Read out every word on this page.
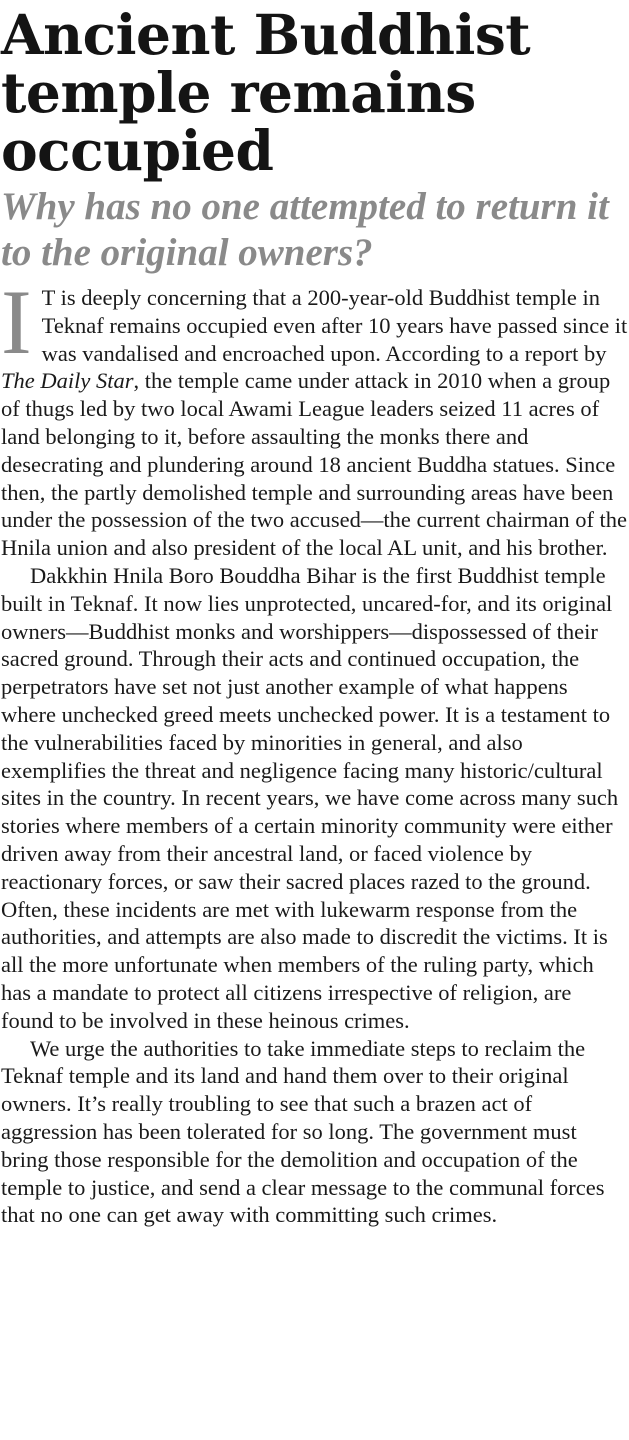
Ancient Buddhist temple remains occupied
Why has no one attempted to return it to the original owners?

I T is deeply concerning that a 200-year-old Buddhist temple in Teknaf remains occupied even after 10 years have passed since it was vandalised and encroached upon. According to a report by The Daily Star, the temple came under attack in 2010 when a group of thugs led by two local Awami League leaders seized 11 acres of land belonging to it, before assaulting the monks there and desecrating and plundering around 18 ancient Buddha statues. Since then, the partly demolished temple and surrounding areas have been under the possession of the two accused—the current chairman of the Hnila union and also president of the local AL unit, and his brother.

Dakkhin Hnila Boro Bouddha Bihar is the first Buddhist temple built in Teknaf. It now lies unprotected, uncared-for, and its original owners—Buddhist monks and worshippers—dispossessed of their sacred ground. Through their acts and continued occupation, the perpetrators have set not just another example of what happens where unchecked greed meets unchecked power. It is a testament to the vulnerabilities faced by minorities in general, and also exemplifies the threat and negligence facing many historic/cultural sites in the country. In recent years, we have come across many such stories where members of a certain minority community were either driven away from their ancestral land, or faced violence by reactionary forces, or saw their sacred places razed to the ground. Often, these incidents are met with lukewarm response from the authorities, and attempts are also made to discredit the victims. It is all the more unfortunate when members of the ruling party, which has a mandate to protect all citizens irrespective of religion, are found to be involved in these heinous crimes.

We urge the authorities to take immediate steps to reclaim the Teknaf temple and its land and hand them over to their original owners. It’s really troubling to see that such a brazen act of aggression has been tolerated for so long. The government must bring those responsible for the demolition and occupation of the temple to justice, and send a clear message to the communal forces that no one can get away with committing such crimes.
